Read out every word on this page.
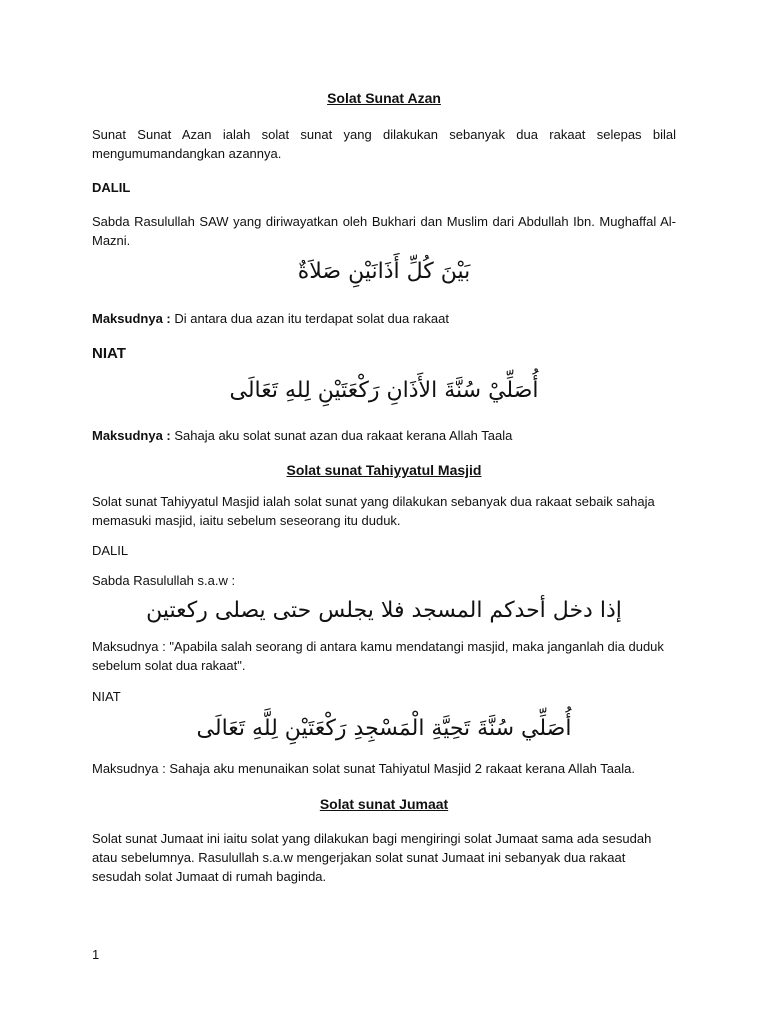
Solat Sunat Azan
Sunat Sunat Azan ialah solat sunat yang dilakukan sebanyak dua rakaat selepas bilal mengumumandangkan azannya.
DALIL
Sabda Rasulullah SAW yang diriwayatkan oleh Bukhari dan Muslim dari Abdullah Ibn. Mughaffal Al-Mazni.
بَيْنَ كُلِّ أَذَانَيْنِ صَلاَةٌ
Maksudnya : Di antara dua azan itu terdapat solat dua rakaat
NIAT
أُصَلِّيْ سُنَّةَ الأَذَانِ رَكْعَتَيْنِ لِلهِ تَعَالَى
Maksudnya : Sahaja aku solat sunat azan dua rakaat kerana Allah Taala
Solat sunat Tahiyyatul Masjid
Solat sunat Tahiyyatul Masjid ialah solat sunat yang dilakukan sebanyak dua rakaat sebaik sahaja memasuki masjid, iaitu sebelum seseorang itu duduk.
DALIL
Sabda Rasulullah s.a.w :
إذا دخل أحدكم المسجد فلا يجلس حتى يصلى ركعتين
Maksudnya : "Apabila salah seorang di antara kamu mendatangi masjid, maka janganlah dia duduk sebelum solat dua rakaat".
NIAT
أُصَلِّي سُنَّةَ تَحِيَّةِ الْمَسْجِدِ رَكْعَتَيْنِ لِلَّهِ تَعَالَى
Maksudnya : Sahaja aku menunaikan solat sunat Tahiyatul Masjid 2 rakaat kerana Allah Taala.
Solat sunat Jumaat
Solat sunat Jumaat ini iaitu solat yang dilakukan bagi mengiringi solat Jumaat sama ada sesudah atau sebelumnya. Rasulullah s.a.w mengerjakan solat sunat Jumaat ini sebanyak dua rakaat sesudah solat Jumaat di rumah baginda.
1
